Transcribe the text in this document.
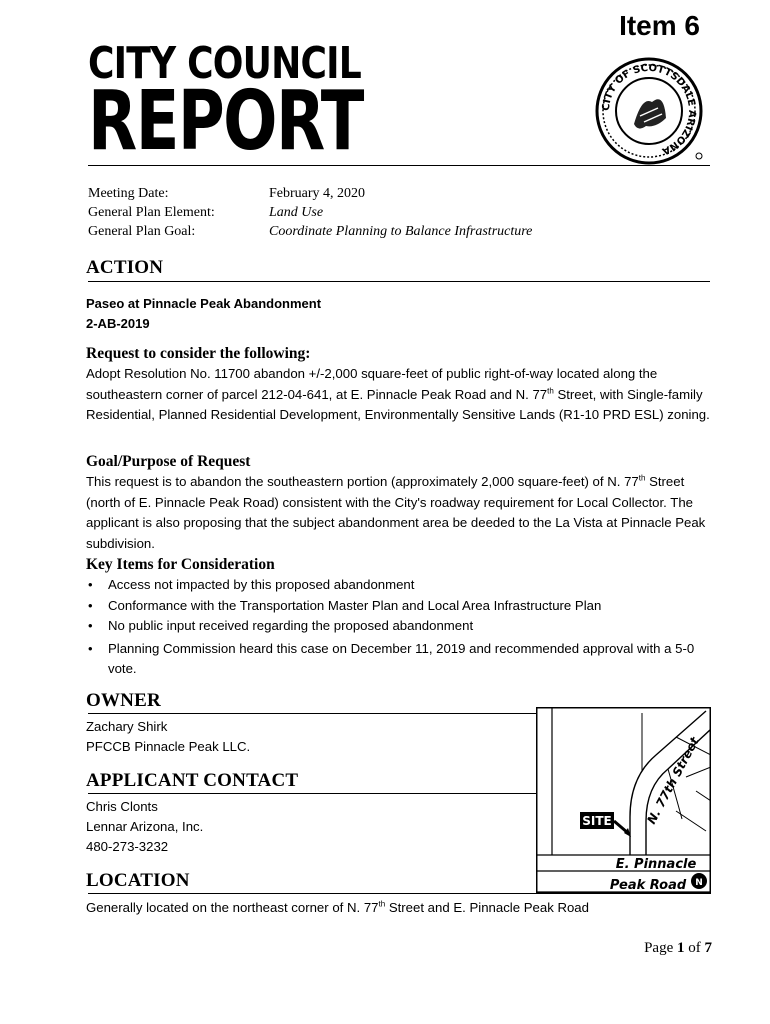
Item 6
CITY COUNCIL
REPORT	CITY OF SCOTTSDALE ARIZONA
Meeting Date:	February 4, 2020
General Plan Element:	Land Use
General Plan Goal:	Coordinate Planning to Balance Infrastructure
ACTION
Paseo at Pinnacle Peak Abandonment
2-AB-2019
Request to consider the following:
Adopt Resolution No. 11700 abandon +/-2,000 square-feet of public right-of-way located along the southeastern corner of parcel 212-04-641, at E. Pinnacle Peak Road and N. 77th Street, with Single-family Residential, Planned Residential Development, Environmentally Sensitive Lands (R1-10 PRD ESL) zoning.
Goal/Purpose of Request
This request is to abandon the southeastern portion (approximately 2,000 square-feet) of N. 77th Street (north of E. Pinnacle Peak Road) consistent with the City's roadway requirement for Local Collector. The applicant is also proposing that the subject abandonment area be deeded to the La Vista at Pinnacle Peak subdivision.
Key Items for Consideration
• Access not impacted by this proposed abandonment
• Conformance with the Transportation Master Plan and Local Area Infrastructure Plan
• No public input received regarding the proposed abandonment
• Planning Commission heard this case on December 11, 2019 and recommended approval with a 5-0 vote.
OWNER
Zachary Shirk
PFCCB Pinnacle Peak LLC.
APPLICANT CONTACT
Chris Clonts
Lennar Arizona, Inc.
480-273-3232
LOCATION
Generally located on the northeast corner of N. 77th Street and E. Pinnacle Peak Road
SITE	N. 77th Street
E. Pinnacle
Peak Road N
Page 1 of 7
